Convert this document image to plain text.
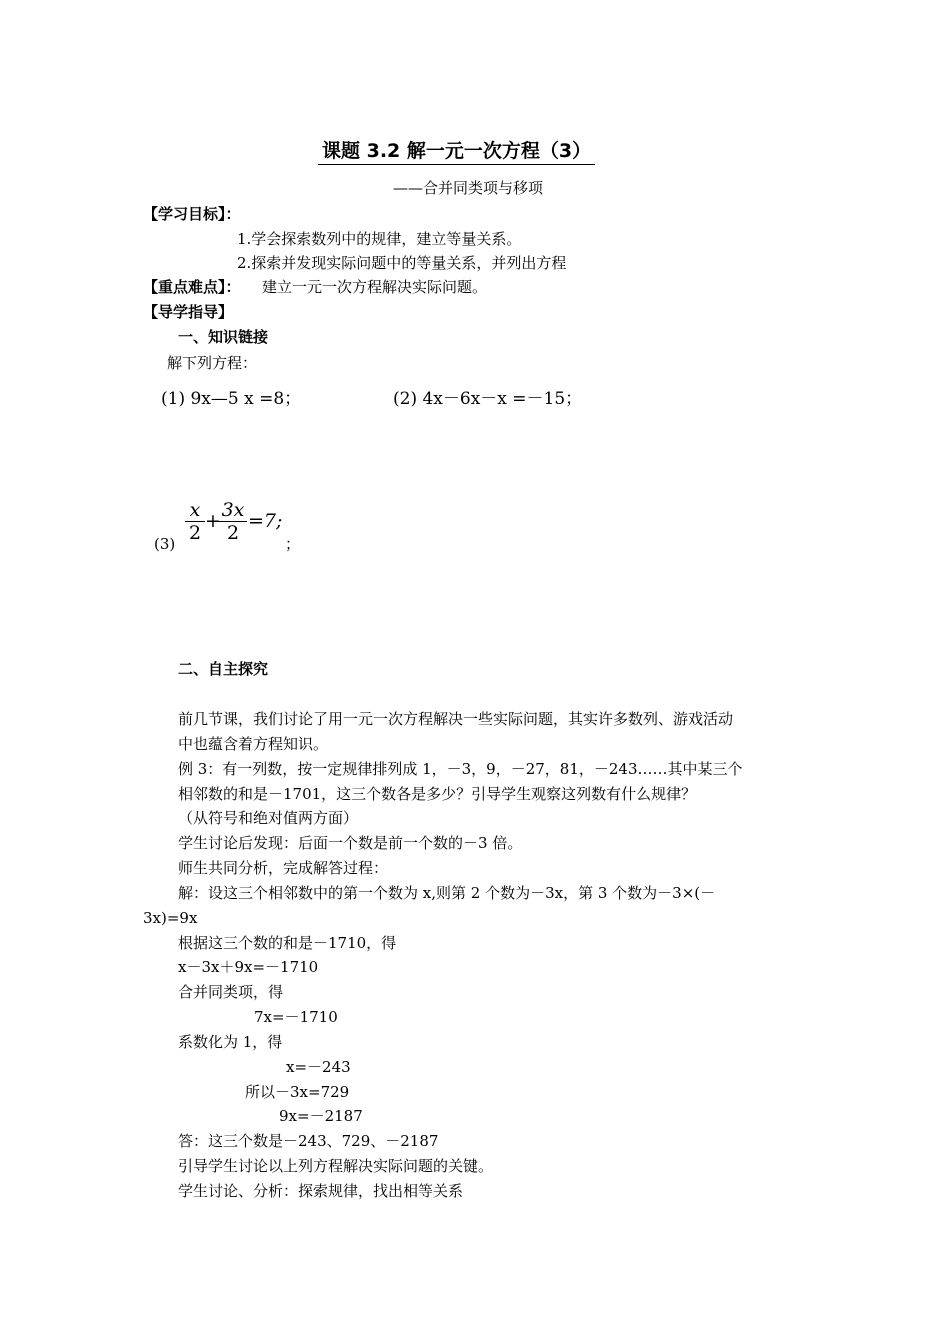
课题 3.2 解一元一次方程（3）
——合并同类项与移项
【学习目标】：
1.学会探索数列中的规律，建立等量关系。
2.探索并发现实际问题中的等量关系，并列出方程
【重点难点】： 建立一元一次方程解决实际问题。
【导学指导】
一、知识链接
解下列方程：
(1) 9x—5 x =8；	(2) 4x－6x－x =－15；
$(3) \frac{x}{2}$ +
$\frac{3x}{2} =7$;
；
二、自主探究
前几节课，我们讨论了用一元一次方程解决一些实际问题，其实许多数列、游戏活动
中也蕴含着方程知识。
例 3：有一列数，按一定规律排列成 1，－3，9，－27，81，－243……其中某三个
相邻数的和是－1701，这三个数各是多少？引导学生观察这列数有什么规律？
（从符号和绝对值两方面）
学生讨论后发现：后面一个数是前一个数的－3 倍。
师生共同分析，完成解答过程：
解：设这三个相邻数中的第一个数为 x,则第 2 个数为－3x，第 3 个数为－3×(－
3x)=9x
根据这三个数的和是－1710，得
x－3x＋9x=－1710
合并同类项，得
7x=－1710
系数化为 1，得
x=－243
所以－3x=729
9x=－2187
答：这三个数是－243、729、－2187
引导学生讨论以上列方程解决实际问题的关键。
学生讨论、分析：探索规律，找出相等关系
